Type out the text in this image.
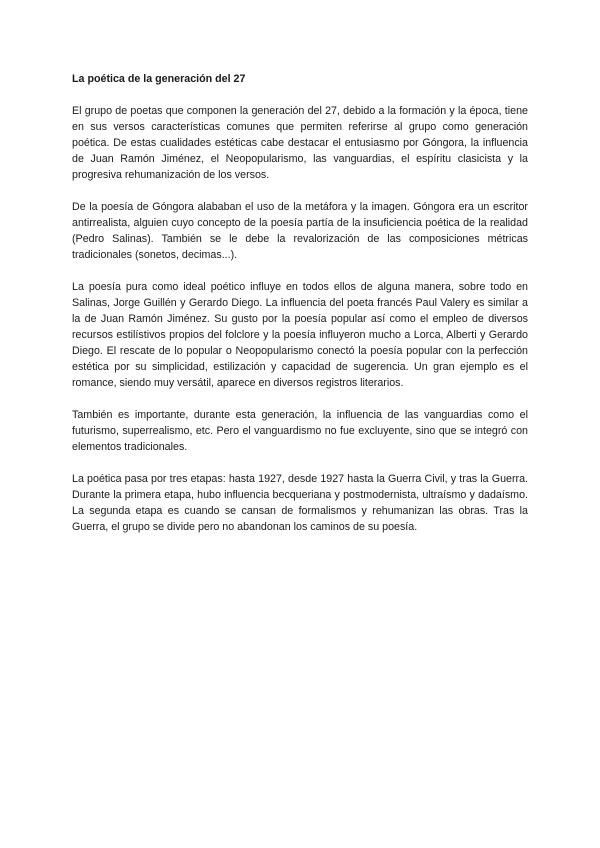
La poética de la generación del 27

El grupo de poetas que componen la generación del 27, debido a la formación y la época, tiene en sus versos características comunes que permiten referirse al grupo como generación poética. De estas cualidades estéticas cabe destacar el entusiasmo por Góngora, la influencia de Juan Ramón Jiménez, el Neopopularismo, las vanguardias, el espíritu clasicista y la progresiva rehumanización de los versos.

De la poesía de Góngora alababan el uso de la metáfora y la imagen. Góngora era un escritor antirrealista, alguien cuyo concepto de la poesía partía de la insuficiencia poética de la realidad (Pedro Salinas). También se le debe la revalorización de las composiciones métricas tradicionales (sonetos, decimas...).

La poesía pura como ideal poético influye en todos ellos de alguna manera, sobre todo en Salinas, Jorge Guillén y Gerardo Diego. La influencia del poeta francés Paul Valery es similar a la de Juan Ramón Jiménez. Su gusto por la poesía popular así como el empleo de diversos recursos estilístivos propios del folclore y la poesía influyeron mucho a Lorca, Alberti y Gerardo Diego. El rescate de lo popular o Neopopularismo conectó la poesía popular con la perfección estética por su simplicidad, estilización y capacidad de sugerencia. Un gran ejemplo es el romance, siendo muy versátil, aparece en diversos registros literarios.

También es importante, durante esta generación, la influencia de las vanguardias como el futurismo, superrealismo, etc. Pero el vanguardismo no fue excluyente, sino que se integró con elementos tradicionales.

La poética pasa por tres etapas: hasta 1927, desde 1927 hasta la Guerra Civil, y tras la Guerra. Durante la primera etapa, hubo influencia becqueriana y postmodernista, ultraísmo y dadaísmo. La segunda etapa es cuando se cansan de formalismos y rehumanizan las obras. Tras la Guerra, el grupo se divide pero no abandonan los caminos de su poesía.
